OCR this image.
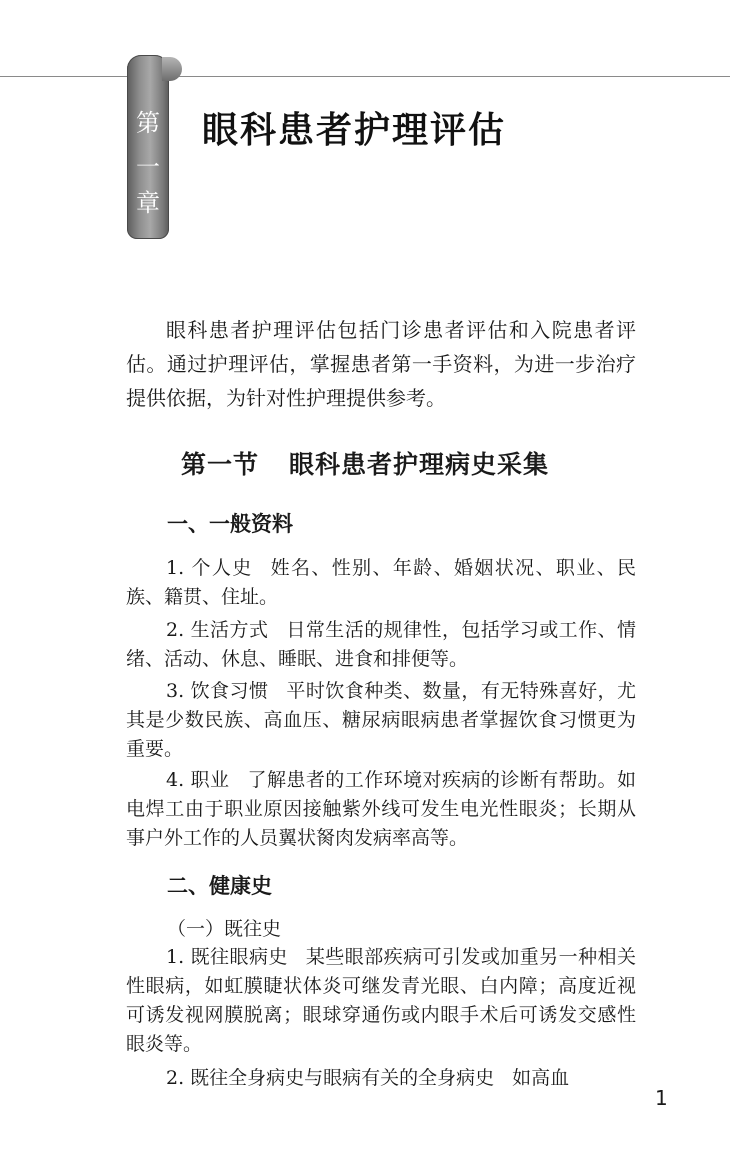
第
一
章
眼科患者护理评估

眼科患者护理评估包括门诊患者评估和入院患者评估。通过护理评估，掌握患者第一手资料，为进一步治疗提供依据，为针对性护理提供参考。

第一节 眼科患者护理病史采集
一、一般资料

1. 个人史 姓名、性别、年龄、婚姻状况、职业、民族、籍贯、住址。

2. 生活方式 日常生活的规律性，包括学习或工作、情绪、活动、休息、睡眠、进食和排便等。

3. 饮食习惯 平时饮食种类、数量，有无特殊喜好，尤其是少数民族、高血压、糖尿病眼病患者掌握饮食习惯更为重要。

4. 职业 了解患者的工作环境对疾病的诊断有帮助。如电焊工由于职业原因接触紫外线可发生电光性眼炎；长期从事户外工作的人员翼状胬肉发病率高等。

二、健康史
（一）既往史

1. 既往眼病史 某些眼部疾病可引发或加重另一种相关性眼病，如虹膜睫状体炎可继发青光眼、白内障；高度近视可诱发视网膜脱离；眼球穿通伤或内眼手术后可诱发交感性眼炎等。

2. 既往全身病史与眼病有关的全身病史 如高血

1
